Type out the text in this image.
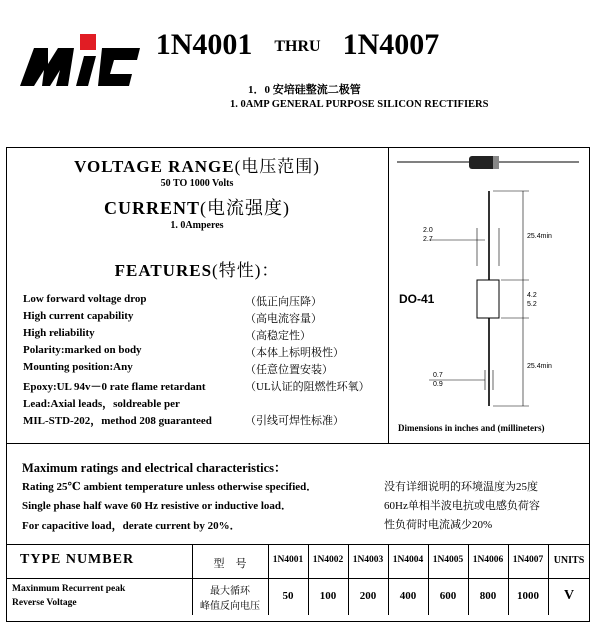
1N4001 THRU 1N4007
1．0 安培硅整流二极管
1. 0AMP GENERAL PURPOSE SILICON RECTIFIERS
VOLTAGE RANGE(电压范围)
50 TO 1000 Volts
CURRENT(电流强度)
1. 0Amperes
FEATURES(特性)：
Low forward voltage drop	（低正向压降）
High current capability	（高电流容量）
High reliability	（高稳定性）
Polarity:marked on body	（本体上标明极性）
Mounting position:Any	（任意位置安装）
Epoxy:UL 94v－0 rate flame retardant	（UL认证的阻燃性环氧）
Lead:Axial leads，soldreable per
MIL-STD-202，method 208 guaranteed	（引线可焊性标准）
2.0
2.7	25.4min
4.2
5.2
0.7
0.9
25.4min
DO-41
Dimensions in inches and (millineters)
Maximum ratings and electrical characteristics：
Rating 25℃ ambient temperature unless otherwise specified．
Single phase half wave 60 Hz resistive or inductive load．
For capacitive load，derate current by 20%．
没有详细说明的环境温度为25度
60Hz单相半波电抗或电感负荷容
性负荷时电流减少20%
TYPE NUMBER	型　号	1N4001 1N4002 1N4003 1N4004 1N4005 1N4006 1N4007	UNITS
Maxinmum Recurrent peak
Reverse Voltage
最大循环
峰值反向电压
50	100	200	400	600	800	1000	V
